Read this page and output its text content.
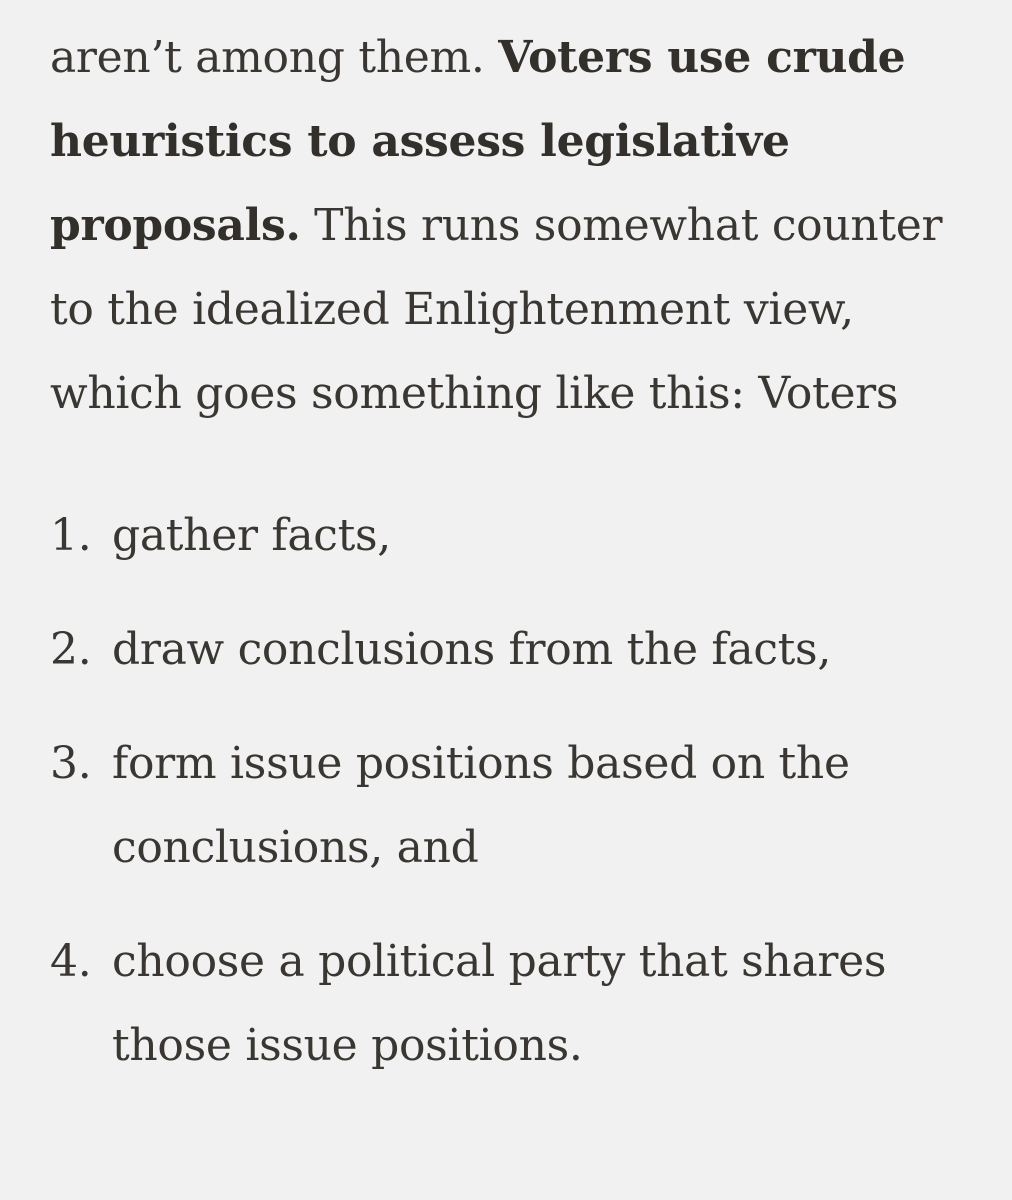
aren’t among them. Voters use crude heuristics to assess legislative proposals. This runs somewhat counter to the idealized Enlightenment view, which goes something like this: Voters

1. gather facts,
2. draw conclusions from the facts,
3. form issue positions based on the conclusions, and
4. choose a political party that shares those issue positions.
